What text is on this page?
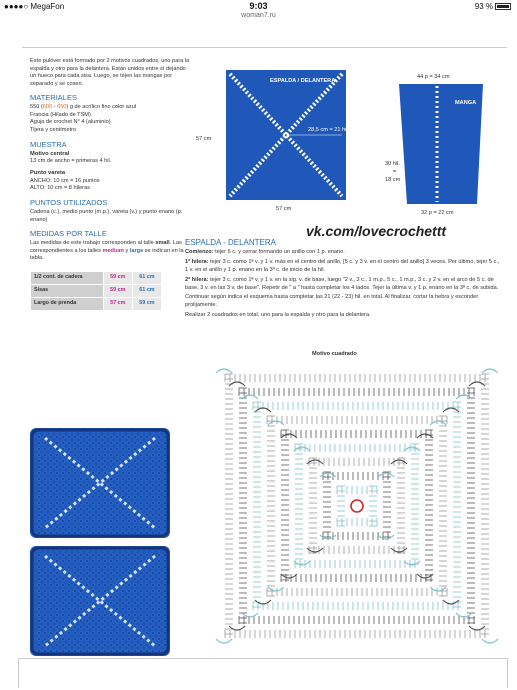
●●●●○ MegaFon	9:03	93 %
woman7.ru

Este pulóver está formado por 2 motivos cuadrados, uno para la espalda y otro para la delantera. Están unidos entre sí dejando un hueco para cada sisa. Luego, se tejen las mangas por separado y se cosen.

MATERIALES

550 (600 - 650) g de acrílico fino color azul
Francia (Hilado de TSM)
Aguja de crochet N° 4 (aluminio)
Tijera y centímetro

MUESTRA
Motivo central

13 cm de ancho = primeras 4 hil.

Punto vareta

ANCHO: 10 cm = 16 puntos
ALTO: 10 cm = 8 hileras

PUNTOS UTILIZADOS

Cadena (c.), medio punto (m.p.), vareta (v.) y punto enano (p. enano)

MEDIDAS POR TALLE

Las medidas de este trabajo corresponden al talle small. Las correspondientes a los talles medium y large se indican en la tabla.

1/2 cont. de cadera	59 cm	61 cm
Sisas	59 cm	61 cm
Largo de prenda	57 cm	59 cm
ESPALDA / DELANTERA
28,5 cm = 21 hil.
57 cm
57 cm
44 p = 34 cm
MANGA
30 hil.
=
18 cm
32 p = 22 cm
vk.com/lovecrochettt
ESPALDA - DELANTERA

Comienzo: tejer 6 c. y cerrar formando un anillo con 1 p. enano.

1ª hilera: tejer 3 c. como 1ª v. y 1 v. más en el centro del anillo, [5 c. y 3 v. en el centro del anillo] 3 veces. Por último, tejer 5 c., 1 v. en el anillo y 1 p. enano en la 3ª c. de inicio de la hil.

2ª hilera: tejer 3 c. como 1ª v. y 1 v. en la sig. v. de base, luego "2 v., 3 c., 1 m.p., 5 c., 1 m.p., 3 c. y 2 v. en el arco de 5 c. de base, 3 v. en las 3 v. de base". Repetir de " a " hasta completar los 4 lados. Tejer la última v. y 1 p. enano en la 3ª c. de subida.

Continuar según indica el esquema hasta completar las 21 (22 - 23) hil. en total. Al finalizar, cortar la hebra y esconder prolijamente.

Realizar 2 cuadrados en total, uno para la espalda y otro para la delantera.

Motivo cuadrado
